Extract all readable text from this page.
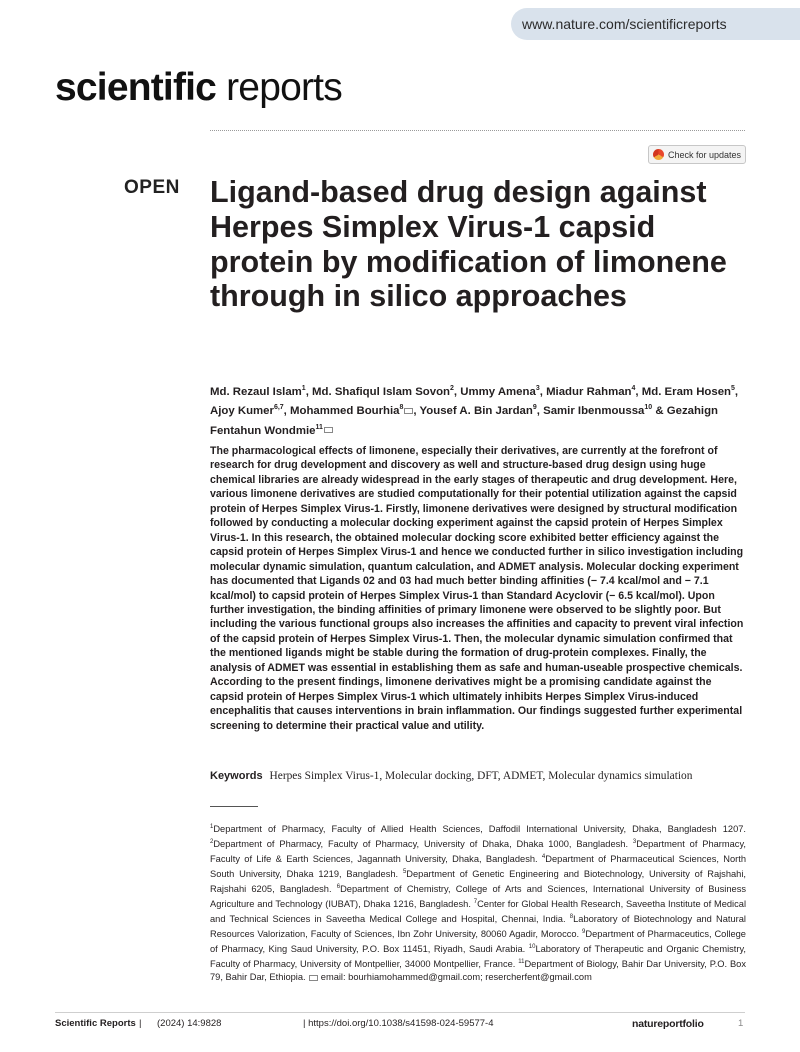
www.nature.com/scientificreports
scientific reports
Check for updates
OPEN Ligand-based drug design against Herpes Simplex Virus-1 capsid protein by modification of limonene through in silico approaches
Md. Rezaul Islam$^1$, Md. Shafiqul Islam Sovon$^2$, Ummy Amena$^3$, Miadur Rahman$^4$, Md. Eram Hosen$^5$, Ajoy Kumer$^{6,7}$, Mohammed Bourhia$^8$ , Yousef A. Bin Jardan$^9$, Samir Ibenmoussa$^{10}$ & Gezahign Fentahun Wondmie$^{11}$
The pharmacological effects of limonene, especially their derivatives, are currently at the forefront of research for drug development and discovery as well and structure-based drug design using huge chemical libraries are already widespread in the early stages of therapeutic and drug development. Here, various limonene derivatives are studied computationally for their potential utilization against the capsid protein of Herpes Simplex Virus-1. Firstly, limonene derivatives were designed by structural modification followed by conducting a molecular docking experiment against the capsid protein of Herpes Simplex Virus-1. In this research, the obtained molecular docking score exhibited better efficiency against the capsid protein of Herpes Simplex Virus-1 and hence we conducted further in silico investigation including molecular dynamic simulation, quantum calculation, and ADMET analysis. Molecular docking experiment has documented that Ligands 02 and 03 had much better binding affinities (− 7.4 kcal/mol and − 7.1 kcal/mol) to capsid protein of Herpes Simplex Virus-1 than Standard Acyclovir (− 6.5 kcal/mol). Upon further investigation, the binding affinities of primary limonene were observed to be slightly poor. But including the various functional groups also increases the affinities and capacity to prevent viral infection of the capsid protein of Herpes Simplex Virus-1. Then, the molecular dynamic simulation confirmed that the mentioned ligands might be stable during the formation of drug-protein complexes. Finally, the analysis of ADMET was essential in establishing them as safe and human-useable prospective chemicals. According to the present findings, limonene derivatives might be a promising candidate against the capsid protein of Herpes Simplex Virus-1 which ultimately inhibits Herpes Simplex Virus-induced encephalitis that causes interventions in brain inflammation. Our findings suggested further experimental screening to determine their practical value and utility.
Keywords Herpes Simplex Virus-1, Molecular docking, DFT, ADMET, Molecular dynamics simulation
$^1$Department of Pharmacy, Faculty of Allied Health Sciences, Daffodil International University, Dhaka, Bangladesh 1207. $^2$Department of Pharmacy, Faculty of Pharmacy, University of Dhaka, Dhaka 1000, Bangladesh. $^3$Department of Pharmacy, Faculty of Life & Earth Sciences, Jagannath University, Dhaka, Bangladesh. $^4$Department of Pharmaceutical Sciences, North South University, Dhaka 1219, Bangladesh. $^5$Department of Genetic Engineering and Biotechnology, University of Rajshahi, Rajshahi 6205, Bangladesh. $^6$Department of Chemistry, College of Arts and Sciences, International University of Business Agriculture and Technology (IUBAT), Dhaka 1216, Bangladesh. $^7$Center for Global Health Research, Saveetha Institute of Medical and Technical Sciences in Saveetha Medical College and Hospital, Chennai, India. $^8$Laboratory of Biotechnology and Natural Resources Valorization, Faculty of Sciences, Ibn Zohr University, 80060 Agadir, Morocco. $^9$Department of Pharmaceutics, College of Pharmacy, King Saud University, P.O. Box 11451, Riyadh, Saudi Arabia. $^{10}$Laboratory of Therapeutic and Organic Chemistry, Faculty of Pharmacy, University of Montpellier, 34000 Montpellier, France. $^{11}$Department of Biology, Bahir Dar University, P.O. Box 79, Bahir Dar, Ethiopia.  email: bourhiamohammed@gmail.com; resercherfent@gmail.com
Scientific Reports | (2024) 14:9828	| https://doi.org/10.1038/s41598-024-59577-4	natureportfolio	1
